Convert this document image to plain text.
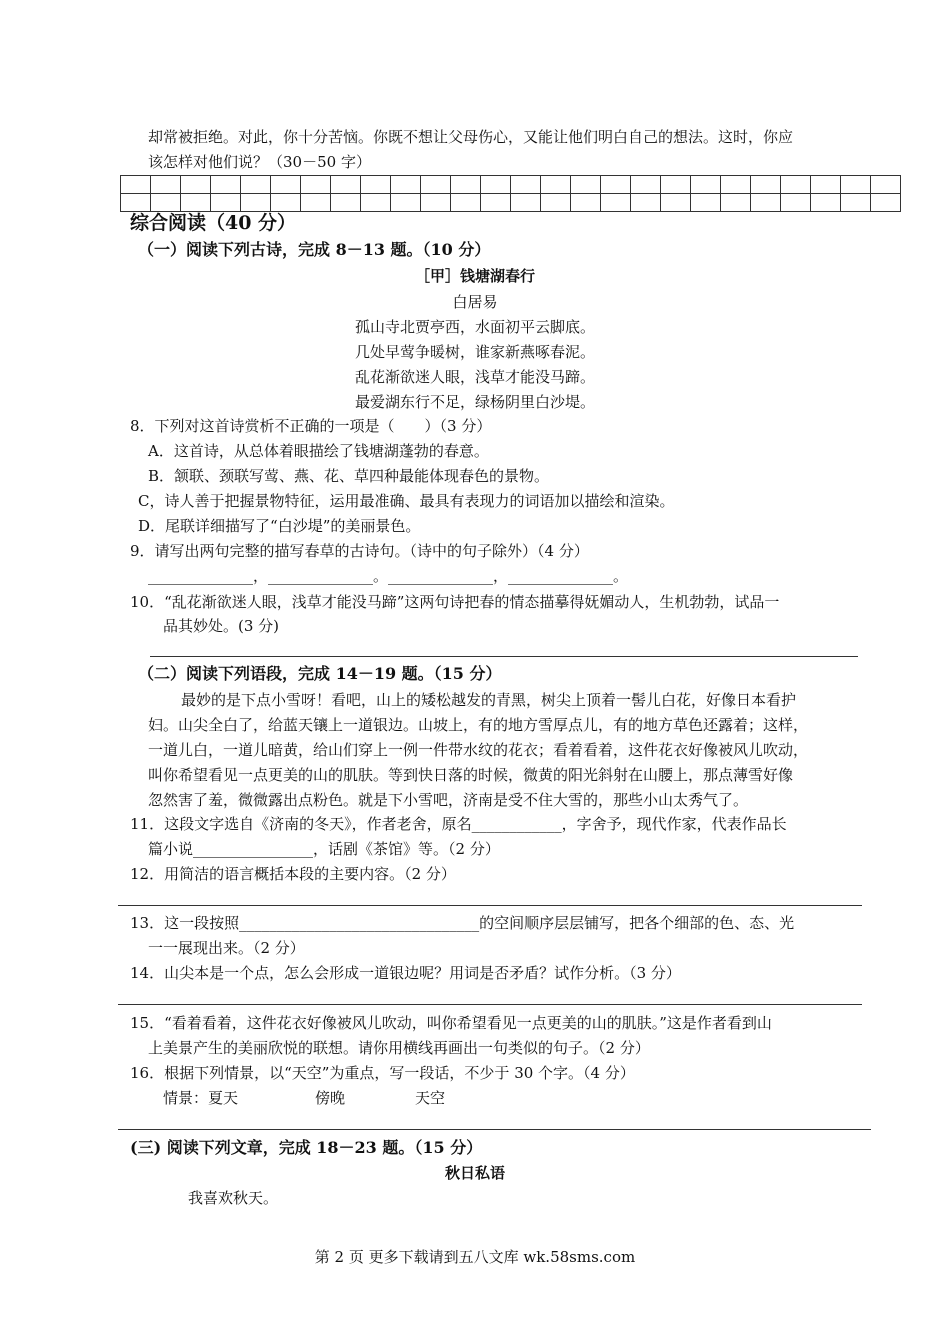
却常被拒绝。对此，你十分苦恼。你既不想让父母伤心，又能让他们明白自己的想法。这时，你应
该怎样对他们说？（30－50 字）

综合阅读（40 分）
（一）阅读下列古诗，完成 8－13 题。（10 分）
［甲］钱塘湖春行
白居易
孤山寺北贾亭西，水面初平云脚底。
几处早莺争暖树，谁家新燕啄春泥。
乱花渐欲迷人眼，浅草才能没马蹄。
最爱湖东行不足，绿杨阴里白沙堤。
8．下列对这首诗赏析不正确的一项是（　　）（3 分）
A．这首诗，从总体着眼描绘了钱塘湖蓬勃的春意。
B．颔联、颈联写莺、燕、花、草四种最能体现春色的景物。
C，诗人善于把握景物特征，运用最准确、最具有表现力的词语加以描绘和渲染。
D．尾联详细描写了“白沙堤”的美丽景色。
9．请写出两句完整的描写春草的古诗句。（诗中的句子除外）（4 分）
______________，______________。______________，______________。
10．“乱花渐欲迷人眼，浅草才能没马蹄”这两句诗把春的情态描摹得妩媚动人，生机勃勃，试品一
品其妙处。(3 分)
（二）阅读下列语段，完成 14－19 题。（15 分）
最妙的是下点小雪呀！看吧，山上的矮松越发的青黑，树尖上顶着一髻儿白花，好像日本看护
妇。山尖全白了，给蓝天镶上一道银边。山坡上，有的地方雪厚点儿，有的地方草色还露着；这样，
一道儿白，一道儿暗黄，给山们穿上一例一件带水纹的花衣；看着看着，这件花衣好像被风儿吹动，
叫你希望看见一点更美的山的肌肤。等到快日落的时候，微黄的阳光斜射在山腰上，那点薄雪好像
忽然害了羞，微微露出点粉色。就是下小雪吧，济南是受不住大雪的，那些小山太秀气了。
11．这段文字选自《济南的冬天》，作者老舍，原名____________，字舍予，现代作家，代表作品长
篇小说________________，话剧《茶馆》等。（2 分）
12．用简洁的语言概括本段的主要内容。（2 分）
13．这一段按照________________________________的空间顺序层层铺写，把各个细部的色、态、光
一一展现出来。（2 分）
14．山尖本是一个点，怎么会形成一道银边呢？用词是否矛盾？试作分析。（3 分）
15．“看着看着，这件花衣好像被风儿吹动，叫你希望看见一点更美的山的肌肤。”这是作者看到山
上美景产生的美丽欣悦的联想。请你用横线再画出一句类似的句子。（2 分）
16．根据下列情景，以“天空”为重点，写一段话，不少于 30 个字。（4 分）
情景：夏天	傍晚	天空
(三) 阅读下列文章，完成 18－23 题。（15 分）
秋日私语
我喜欢秋天。
第 2 页 更多下载请到五八文库 wk.58sms.com
